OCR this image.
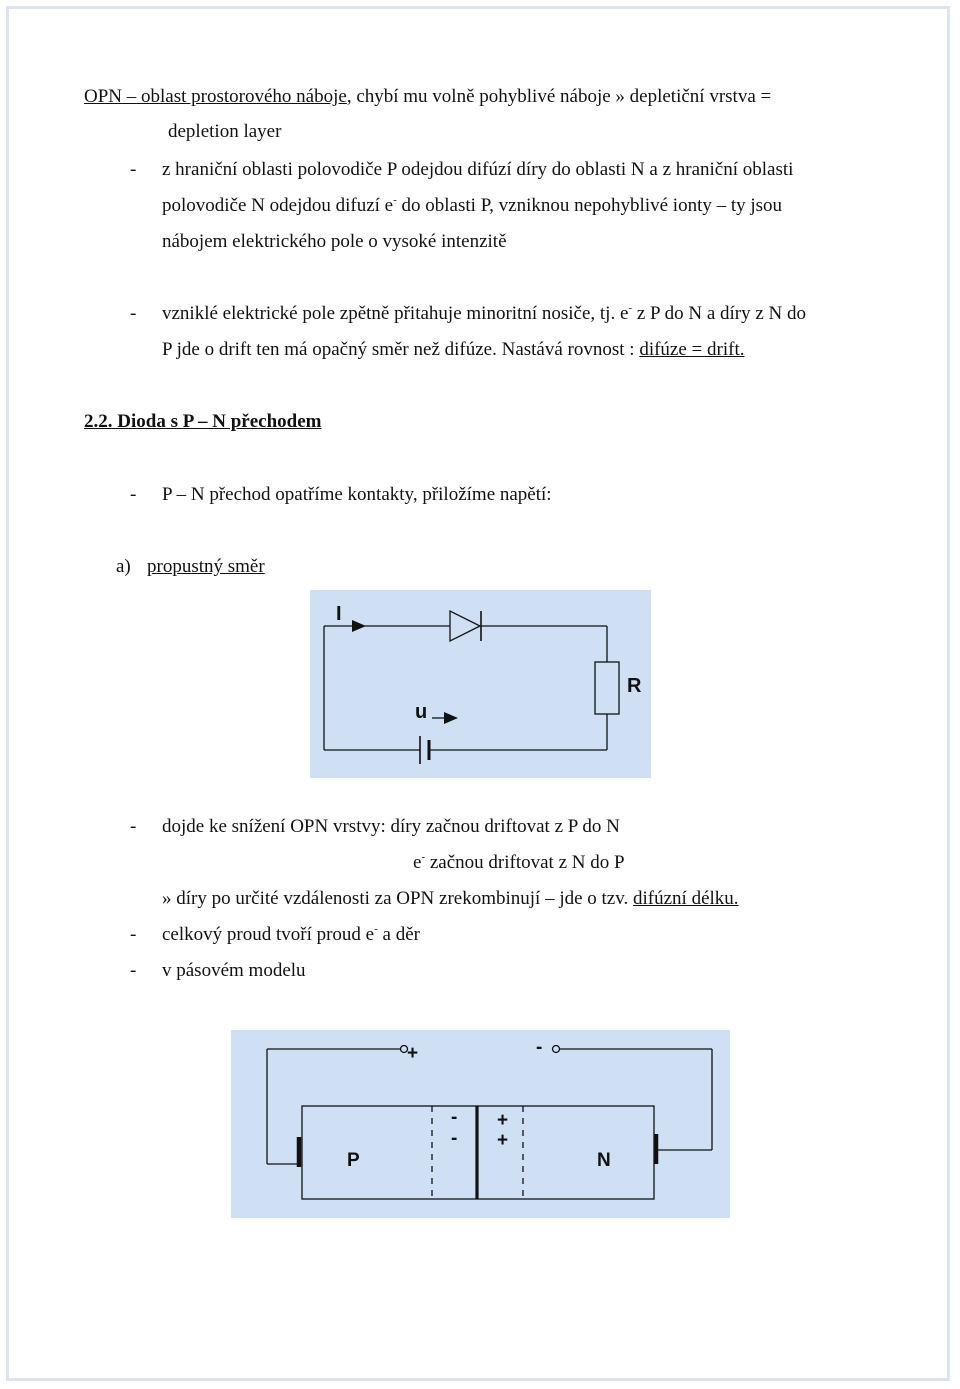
OPN – oblast prostorového náboje, chybí mu volně pohyblivé náboje » depletiční vrstva =
depletion layer
- z hraniční oblasti polovodiče P odejdou difúzí díry do oblasti N a z hraniční oblasti
polovodiče N odejdou difuzí e- do oblasti P, vzniknou nepohyblivé ionty – ty jsou
nábojem elektrického pole o vysoké intenzitě
- vzniklé elektrické pole zpětně přitahuje minoritní nosiče, tj. e- z P do N a díry z N do
P jde o drift ten má opačný směr než difúze. Nastává rovnost : difúze = drift.
2.2. Dioda s P – N přechodem
- P – N přechod opatříme kontakty, přiložíme napětí:
a) propustný směr
I
u
R
- dojde ke snížení OPN vrstvy: díry začnou driftovat z P do N
e- začnou driftovat z N do P
» díry po určité vzdálenosti za OPN zrekombinují – jde o tzv. difúzní délku.
- celkový proud tvoří proud e- a děr
- v pásovém modelu
+	-
P	N
-
-
+
+
